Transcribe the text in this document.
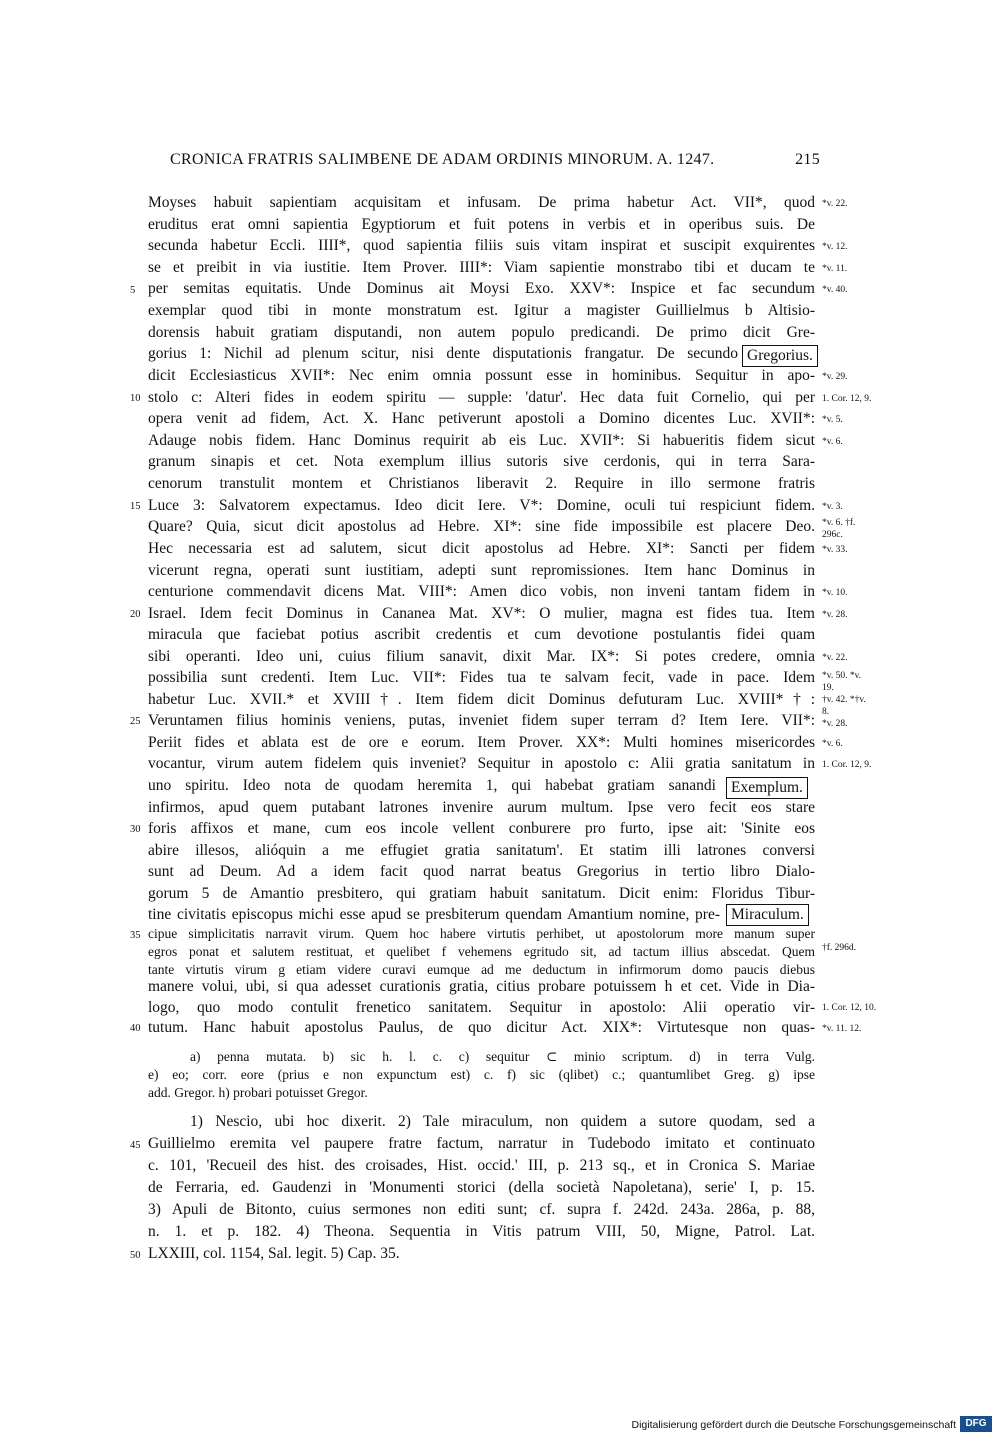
CRONICA FRATRIS SALIMBENE DE ADAM ORDINIS MINORUM. A. 1247.	215
Moyses habuit sapientiam acquisitam et infusam. De prima habetur Act. VII*, quod
eruditus erat omni sapientia Egyptiorum et fuit potens in verbis et in operibus suis. De
secunda habetur Eccli. IIII*, quod sapientia filiis suis vitam inspirat et suscipit exquirentes
se et preibit in via iustitie. Item Prover. IIII*: Viam sapientie monstrabo tibi et ducam te
per semitas equitatis. Unde Dominus ait Moysi Exo. XXV*: Inspice et fac secundum
exemplar quod tibi in monte monstratum est. Igitur a magister Guillielmus b Altisio-
dorensis habuit gratiam disputandi, non autem populo predicandi. De primo dicit Gre-
gorius 1: Nichil ad plenum scitur, nisi dente disputationis frangatur. De secundo
dicit Ecclesiasticus XVII*: Nec enim omnia possunt esse in hominibus. Sequitur in apo-
stolo c: Alteri fides in eodem spiritu — supple: 'datur'. Hec data fuit Cornelio, qui per
opera venit ad fidem, Act. X. Hanc petiverunt apostoli a Domino dicentes Luc. XVII*:
Adauge nobis fidem. Hanc Dominus requirit ab eis Luc. XVII*: Si habueritis fidem sicut
granum sinapis et cet. Nota exemplum illius sutoris sive cerdonis, qui in terra Sara-
cenorum transtulit montem et Christianos liberavit 2. Require in illo sermone fratris
Luce 3: Salvatorem expectamus. Ideo dicit Iere. V*: Domine, oculi tui respiciunt fidem.
Quare? Quia, sicut dicit apostolus ad Hebre. XI*: sine fide impossibile est placere Deo.
Hec necessaria est ad salutem, sicut dicit apostolus ad Hebre. XI*: Sancti per fidem
vicerunt regna, operati sunt iustitiam, adepti sunt repromissiones. Item hanc Dominus in
centurione commendavit dicens Mat. VIII*: Amen dico vobis, non inveni tantam fidem in
Israel. Idem fecit Dominus in Cananea Mat. XV*: O mulier, magna est fides tua. Item
miracula que faciebat potius ascribit credentis et cum devotione postulantis fidei quam
sibi operanti. Ideo uni, cuius filium sanavit, dixit Mar. IX*: Si potes credere, omnia
possibilia sunt credenti. Item Luc. VII*: Fides tua te salvam fecit, vade in pace. Idem
habetur Luc. XVII.* et XVIII†. Item fidem dicit Dominus defuturam Luc. XVIII*†:
Veruntamen filius hominis veniens, putas, inveniet fidem super terram d? Item Iere. VII*:
Periit fides et ablata est de ore e eorum. Item Prover. XX*: Multi homines misericordes
vocantur, virum autem fidelem quis inveniet? Sequitur in apostolo c: Alii gratia sanitatum in
uno spiritu. Ideo nota de quodam heremita 1, qui habebat gratiam sanandi
infirmos, apud quem putabant latrones invenire aurum multum. Ipse vero fecit eos stare
foris affixos et mane, cum eos incole vellent conburere pro furto, ipse ait: 'Sinite eos
abire illesos, alióquin a me effugiet gratia sanitatum'. Et statim illi latrones conversi
sunt ad Deum. Ad a idem facit quod narrat beatus Gregorius in tertio libro Dialo-
gorum 5 de Amantio presbitero, qui gratiam habuit sanitatum. Dicit enim: Floridus Tibur-
tine civitatis episcopus michi esse apud se presbiterum quendam Amantium nomine, pre-
cipue simplicitatis narravit virum. Quem hoc habere virtutis perhibet, ut apostolorum more manum super
egros ponat et salutem restituat, et quelibet f vehemens egritudo sit, ad tactum illius abscedat. Quem
tante virtutis virum g etiam videre curavi eumque ad me deductum in infirmorum domo paucis diebus
manere volui, ubi, si qua adesset curationis gratia, citius probare potuissem h et cet. Vide in Dia-
logo, quo modo contulit frenetico sanitatem. Sequitur in apostolo: Alii operatio vir-
tutum. Hanc habuit apostolus Paulus, de quo dicitur Act. XIX*: Virtutesque non quas-
5
10
15
20
25
30
35
40
*v. 22.
*v. 12.
*v. 11.
*v. 40.
*v. 29.
1. Cor. 12, 9.
*v. 5.
*v. 6.
*v. 3.
*v. 6. †f. 296c.
*v. 33.
*v. 10.
*v. 28.
*v. 22.
*v. 50. *v. 19.
†v. 42. *†v. 8.
*v. 28.
*v. 6.
1. Cor. 12, 9.
†f. 296d.
1. Cor. 12, 10.
*v. 11. 12.
Gregorius.
Exemplum.
Miraculum.
a) penna mutata. b) sic h. l. c. c) sequitur ⊂ minio scriptum. d) in terra Vulg.
e) eo; corr. eore (prius e non expunctum est) c. f) sic (qlibet) c.; quantumlibet Greg. g) ipse
add. Gregor. h) probari potuisset Gregor.
1) Nescio, ubi hoc dixerit. 2) Tale miraculum, non quidem a sutore quodam, sed a
Guillielmo eremita vel paupere fratre factum, narratur in Tudebodo imitato et continuato
c. 101, 'Recueil des hist. des croisades, Hist. occid.' III, p. 213 sq., et in Cronica S. Mariae
de Ferraria, ed. Gaudenzi in 'Monumenti storici (della società Napoletana), serie' I, p. 15.
3) Apuli de Bitonto, cuius sermones non editi sunt; cf. supra f. 242d. 243a. 286a, p. 88,
n. 1. et p. 182. 4) Theona. Sequentia in Vitis patrum VIII, 50, Migne, Patrol. Lat.
LXXIII, col. 1154, Sal. legit. 5) Cap. 35.
45
50
Digitalisierung gefördert durch die Deutsche Forschungsgemeinschaft DFG
